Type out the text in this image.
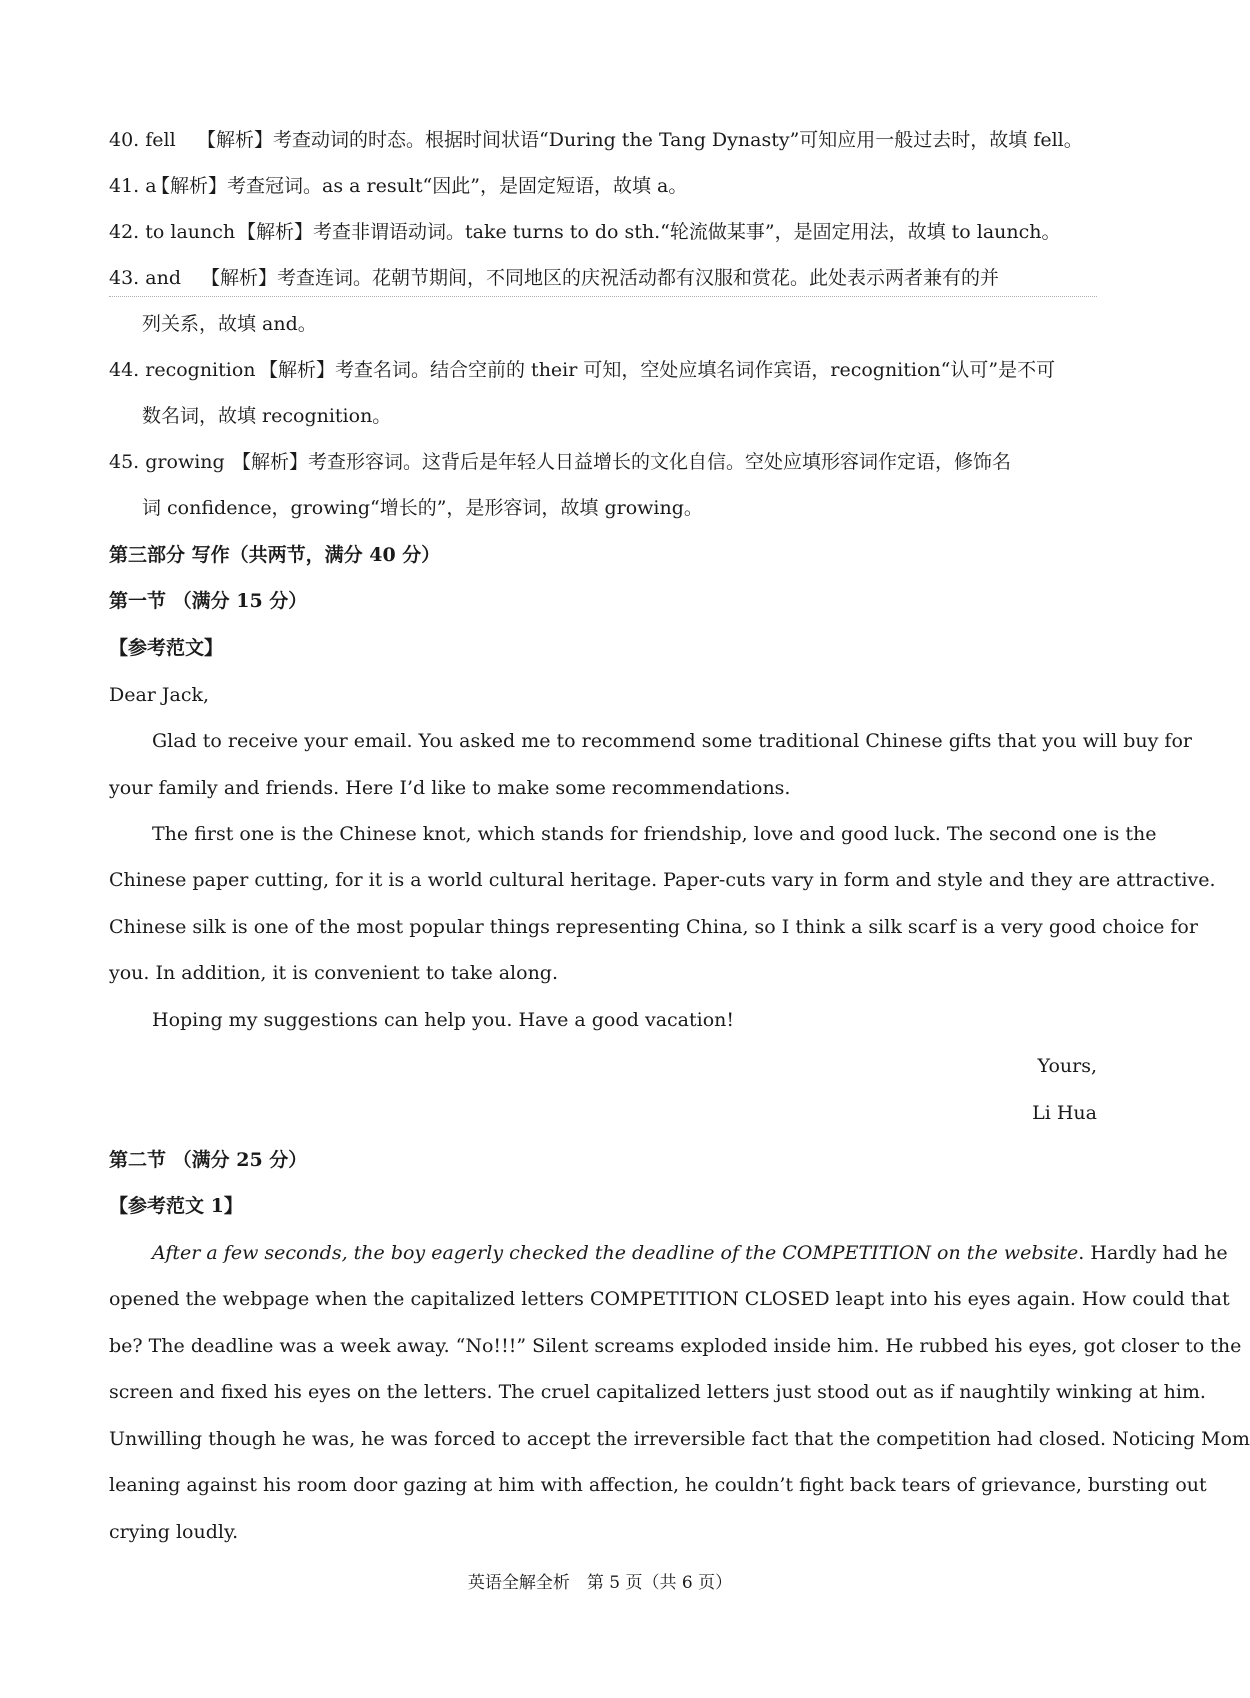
40. fell 【解析】考查动词的时态。根据时间状语“During the Tang Dynasty”可知应用一般过去时，故填 fell。
41. a【解析】考查冠词。as a result“因此”，是固定短语，故填 a。
42. to launch【解析】考查非谓语动词。take turns to do sth.“轮流做某事”，是固定用法，故填 to launch。
43. and 【解析】考查连词。花朝节期间，不同地区的庆祝活动都有汉服和赏花。此处表示两者兼有的并
列关系，故填 and。
44. recognition 【解析】考查名词。结合空前的 their 可知，空处应填名词作宾语，recognition“认可”是不可
数名词，故填 recognition。
45. growing 【解析】考查形容词。这背后是年轻人日益增长的文化自信。空处应填形容词作定语，修饰名
词 confidence，growing“增长的”，是形容词，故填 growing。
第三部分 写作（共两节，满分 40 分）
第一节 （满分 15 分）
【参考范文】
Dear Jack,
Glad to receive your email. You asked me to recommend some traditional Chinese gifts that you will buy for
your family and friends. Here I’d like to make some recommendations.
The first one is the Chinese knot, which stands for friendship, love and good luck. The second one is the
Chinese paper cutting, for it is a world cultural heritage. Paper-cuts vary in form and style and they are attractive.
Chinese silk is one of the most popular things representing China, so I think a silk scarf is a very good choice for
you. In addition, it is convenient to take along.
Hoping my suggestions can help you. Have a good vacation!
Yours,
Li Hua
第二节 （满分 25 分）
【参考范文 1】
After a few seconds, the boy eagerly checked the deadline of the COMPETITION on the website. Hardly had he
opened the webpage when the capitalized letters COMPETITION CLOSED leapt into his eyes again. How could that
be? The deadline was a week away. “No!!!” Silent screams exploded inside him. He rubbed his eyes, got closer to the
screen and fixed his eyes on the letters. The cruel capitalized letters just stood out as if naughtily winking at him.
Unwilling though he was, he was forced to accept the irreversible fact that the competition had closed. Noticing Mom
leaning against his room door gazing at him with affection, he couldn’t fight back tears of grievance, bursting out
crying loudly.
英语全解全析　第 5 页（共 6 页）
